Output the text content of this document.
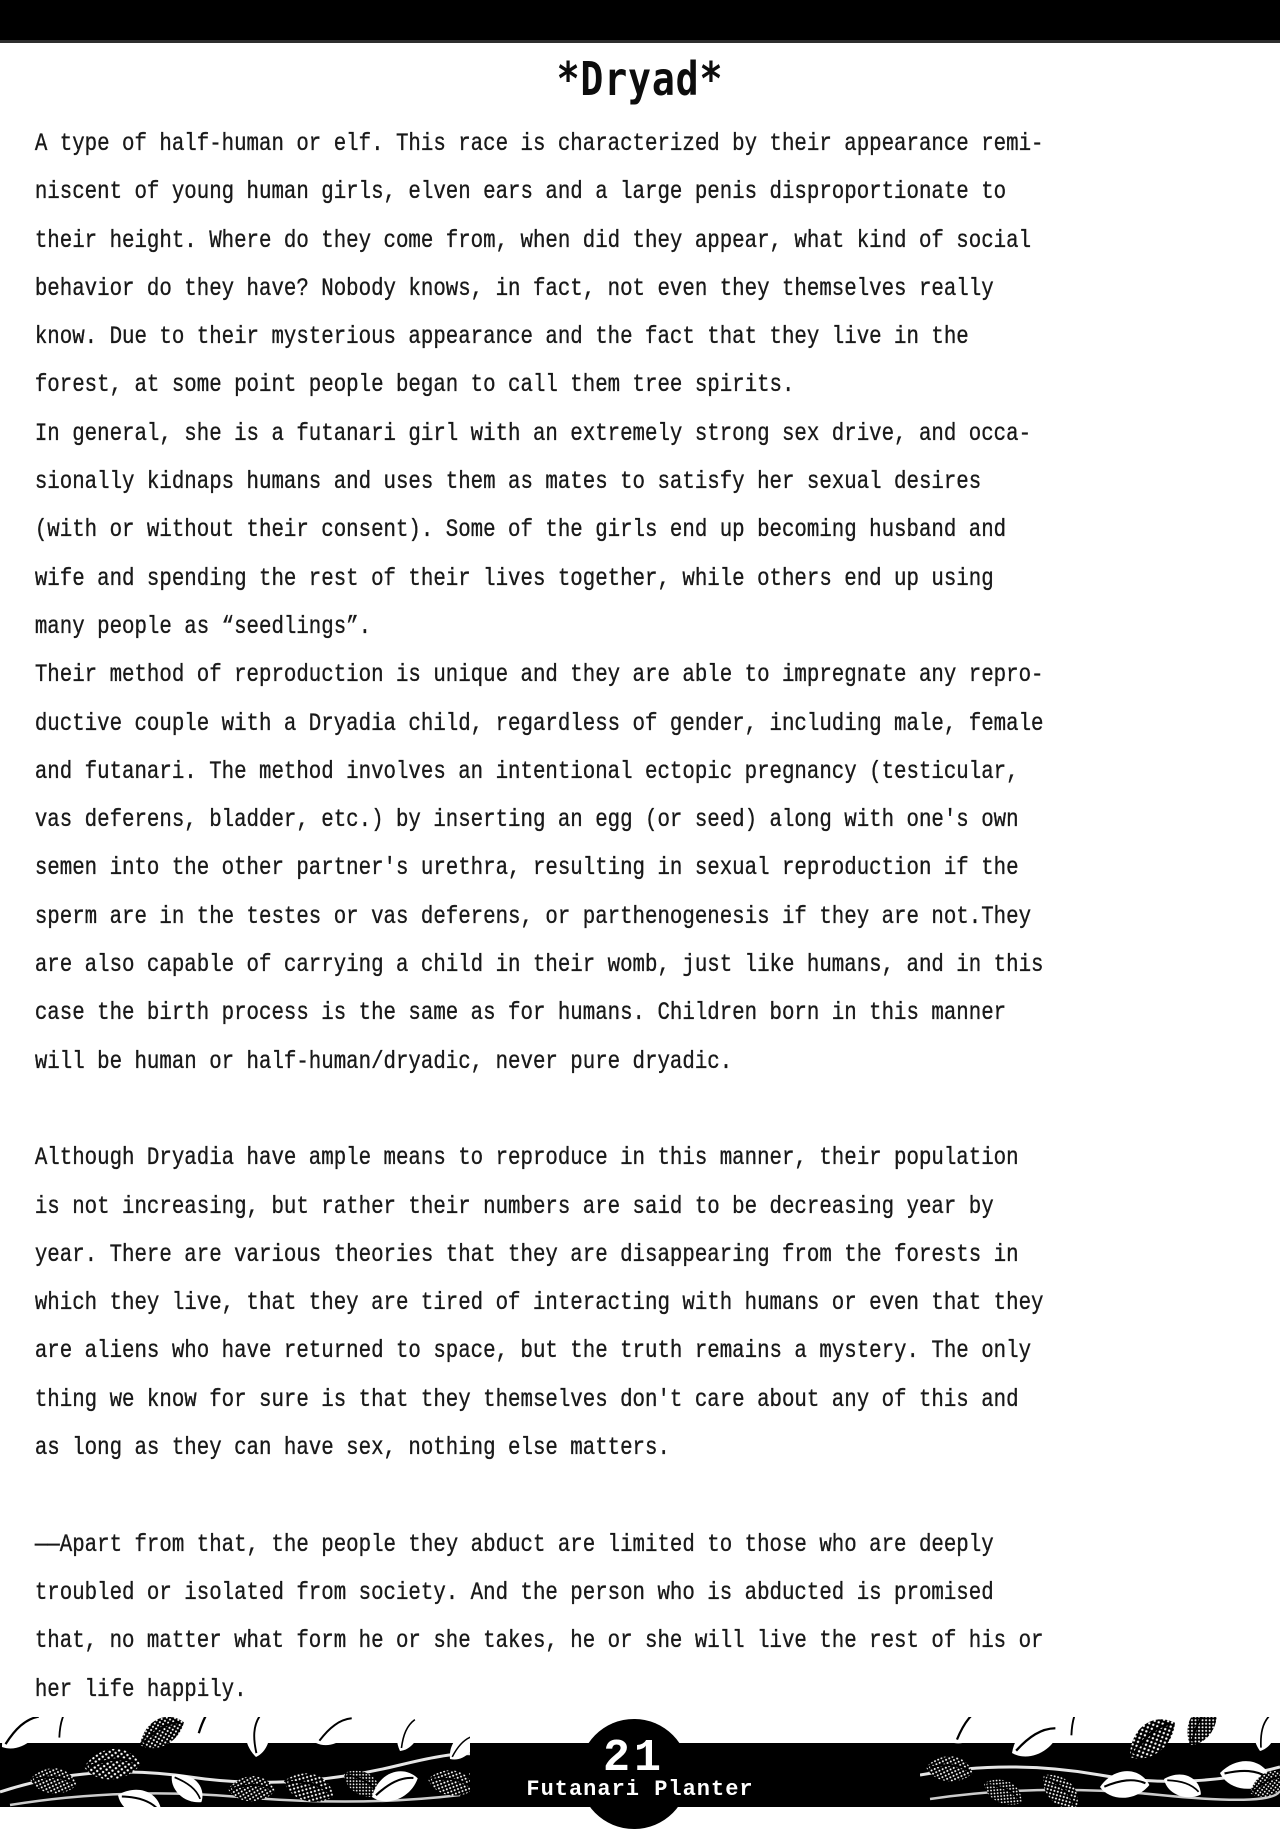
*Dryad*
A type of half-human or elf. This race is characterized by their appearance remi-
niscent of young human girls, elven ears and a large penis disproportionate to
their height. Where do they come from, when did they appear, what kind of social
behavior do they have? Nobody knows, in fact, not even they themselves really
know. Due to their mysterious appearance and the fact that they live in the
forest, at some point people began to call them tree spirits.
In general, she is a futanari girl with an extremely strong sex drive, and occa-
sionally kidnaps humans and uses them as mates to satisfy her sexual desires
(with or without their consent). Some of the girls end up becoming husband and
wife and spending the rest of their lives together, while others end up using
many people as “seedlings”.
Their method of reproduction is unique and they are able to impregnate any repro-
ductive couple with a Dryadia child, regardless of gender, including male, female
and futanari. The method involves an intentional ectopic pregnancy (testicular,
vas deferens, bladder, etc.) by inserting an egg (or seed) along with one's own
semen into the other partner's urethra, resulting in sexual reproduction if the
sperm are in the testes or vas deferens, or parthenogenesis if they are not.They
are also capable of carrying a child in their womb, just like humans, and in this
case the birth process is the same as for humans. Children born in this manner
will be human or half-human/dryadic, never pure dryadic.
Although Dryadia have ample means to reproduce in this manner, their population
is not increasing, but rather their numbers are said to be decreasing year by
year. There are various theories that they are disappearing from the forests in
which they live, that they are tired of interacting with humans or even that they
are aliens who have returned to space, but the truth remains a mystery. The only
thing we know for sure is that they themselves don't care about any of this and
as long as they can have sex, nothing else matters.
——Apart from that, the people they abduct are limited to those who are deeply
troubled or isolated from society. And the person who is abducted is promised
that, no matter what form he or she takes, he or she will live the rest of his or
her life happily.
21
Futanari Planter
